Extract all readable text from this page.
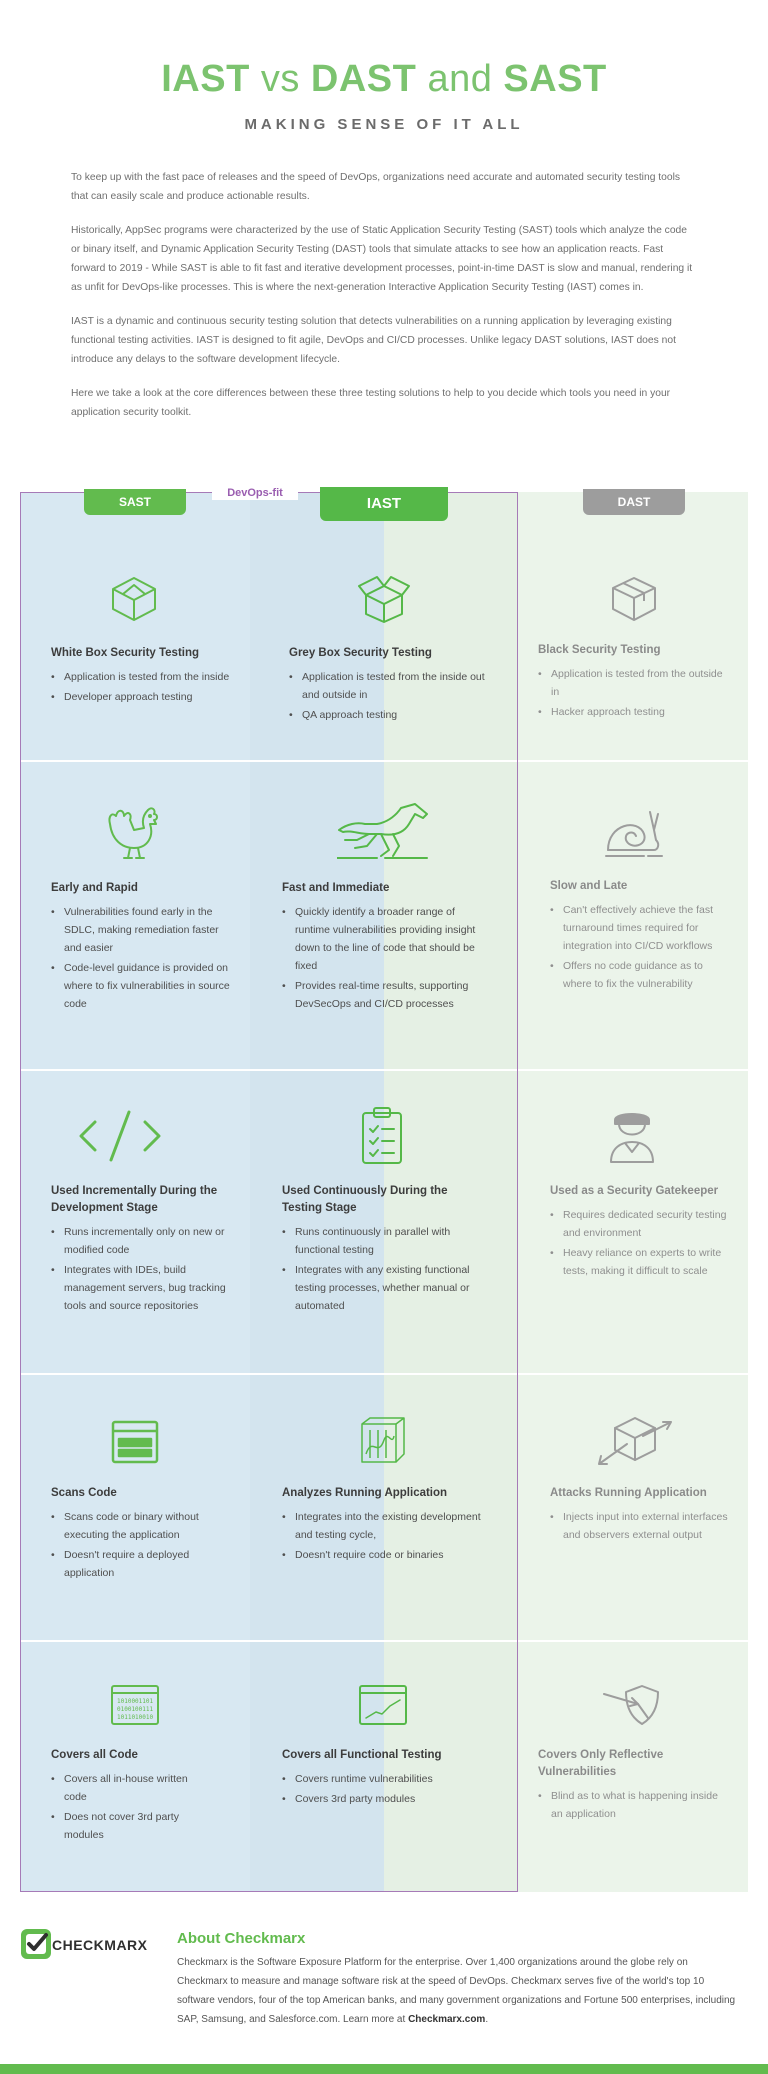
IAST vs DAST and SAST
MAKING SENSE OF IT ALL

To keep up with the fast pace of releases and the speed of DevOps, organizations need accurate and automated security testing tools that can easily scale and produce actionable results.

Historically, AppSec programs were characterized by the use of Static Application Security Testing (SAST) tools which analyze the code or binary itself, and Dynamic Application Security Testing (DAST) tools that simulate attacks to see how an application reacts. Fast forward to 2019 - While SAST is able to fit fast and iterative development processes, point-in-time DAST is slow and manual, rendering it as unfit for DevOps-like processes. This is where the next-generation Interactive Application Security Testing (IAST) comes in.

IAST is a dynamic and continuous security testing solution that detects vulnerabilities on a running application by leveraging existing functional testing activities. IAST is designed to fit agile, DevOps and CI/CD processes. Unlike legacy DAST solutions, IAST does not introduce any delays to the software development lifecycle.

Here we take a look at the core differences between these three testing solutions to help to you decide which tools you need in your application security toolkit.

DevOps-fit
SAST	IAST	DAST
White Box Security Testing
• Application is tested from the inside
• Developer approach testing
Grey Box Security Testing
• Application is tested from the inside out and outside in
• QA approach testing
Black Security Testing
• Application is tested from the outside in
• Hacker approach testing
Early and Rapid
• Vulnerabilities found early in the SDLC, making remediation faster and easier
• Code-level guidance is provided on where to fix vulnerabilities in source code
Fast and Immediate
• Quickly identify a broader range of runtime vulnerabilities providing insight down to the line of code that should be fixed
• Provides real-time results, supporting DevSecOps and CI/CD processes
Slow and Late
• Can't effectively achieve the fast turnaround times required for integration into CI/CD workflows
• Offers no code guidance as to where to fix the vulnerability
Used Incrementally During the Development Stage
• Runs incrementally only on new or modified code
• Integrates with IDEs, build management servers, bug tracking tools and source repositories
Used Continuously During the Testing Stage
• Runs continuously in parallel with functional testing
• Integrates with any existing functional testing processes, whether manual or automated
Used as a Security Gatekeeper
• Requires dedicated security testing and environment
• Heavy reliance on experts to write tests, making it difficult to scale
Scans Code
• Scans code or binary without executing the application
• Doesn't require a deployed application
Analyzes Running Application
• Integrates into the existing development and testing cycle,
• Doesn't require code or binaries
Attacks Running Application
• Injects input into external interfaces and observers external output
1010001101
0100100111
1011010010
Covers all Code
• Covers all in-house written code
• Does not cover 3rd party modules
Covers all Functional Testing
• Covers runtime vulnerabilities
• Covers 3rd party modules
Covers Only Reflective Vulnerabilities
• Blind as to what is happening inside an application
CHECKMARX About Checkmarx
Checkmarx is the Software Exposure Platform for the enterprise. Over 1,400 organizations around the globe rely on Checkmarx to measure and manage software risk at the speed of DevOps. Checkmarx serves five of the world's top 10 software vendors, four of the top American banks, and many government organizations and Fortune 500 enterprises, including SAP, Samsung, and Salesforce.com. Learn more at Checkmarx.com.
